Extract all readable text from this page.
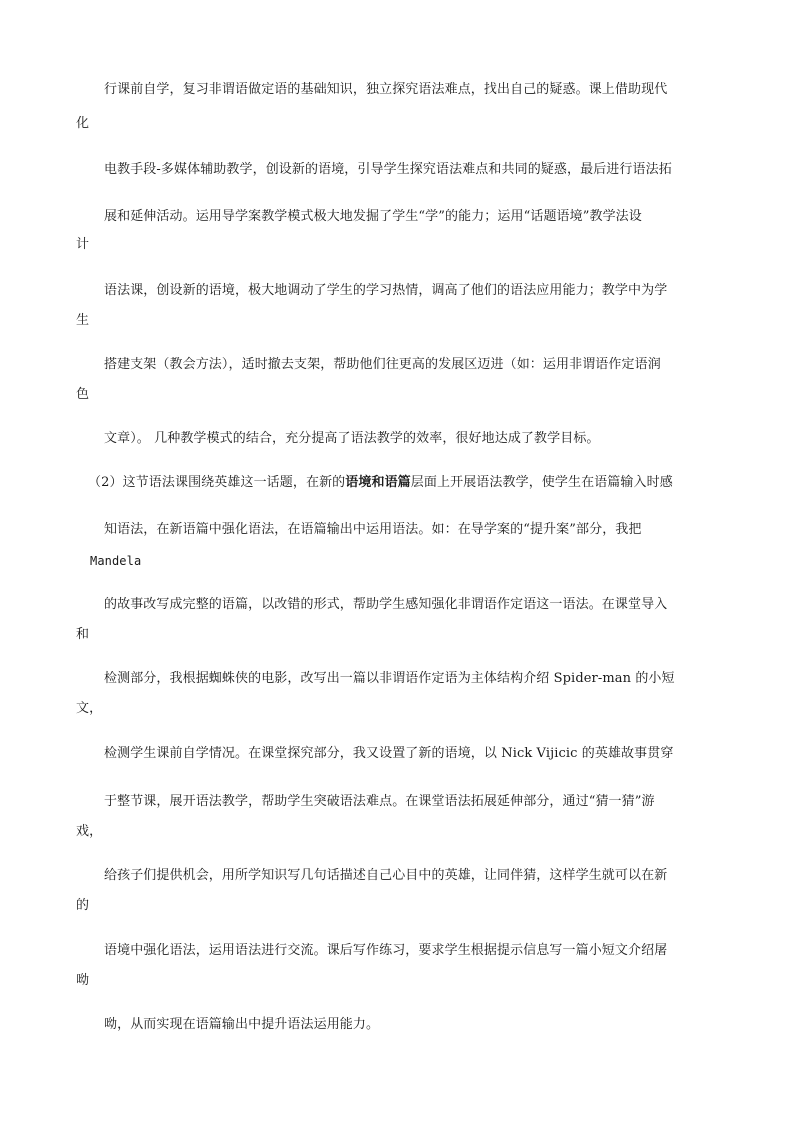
行课前自学，复习非谓语做定语的基础知识，独立探究语法难点，找出自己的疑惑。课上借助现代
化
电教手段-多媒体辅助教学，创设新的语境，引导学生探究语法难点和共同的疑惑，最后进行语法拓
展和延伸活动。运用导学案教学模式极大地发掘了学生“学”的能力；运用“话题语境”教学法设
计
语法课，创设新的语境，极大地调动了学生的学习热情，调高了他们的语法应用能力；教学中为学
生
搭建支架（教会方法），适时撤去支架，帮助他们往更高的发展区迈进（如：运用非谓语作定语润
色
文章）。 几种教学模式的结合，充分提高了语法教学的效率，很好地达成了教学目标。
（2）这节语法课围绕英雄这一话题，在新的语境和语篇层面上开展语法教学，使学生在语篇输入时感
知语法，在新语篇中强化语法，在语篇输出中运用语法。如：在导学案的“提升案”部分，我把
Mandela
的故事改写成完整的语篇，以改错的形式，帮助学生感知强化非谓语作定语这一语法。在课堂导入
和
检测部分，我根据蜘蛛侠的电影，改写出一篇以非谓语作定语为主体结构介绍 Spider-man 的小短
文，
检测学生课前自学情况。在课堂探究部分，我又设置了新的语境，以 Nick Vijicic 的英雄故事贯穿
于整节课，展开语法教学，帮助学生突破语法难点。在课堂语法拓展延伸部分，通过“猜一猜”游
戏，
给孩子们提供机会，用所学知识写几句话描述自己心目中的英雄，让同伴猜，这样学生就可以在新
的
语境中强化语法，运用语法进行交流。课后写作练习，要求学生根据提示信息写一篇小短文介绍屠
呦
呦，从而实现在语篇输出中提升语法运用能力。
